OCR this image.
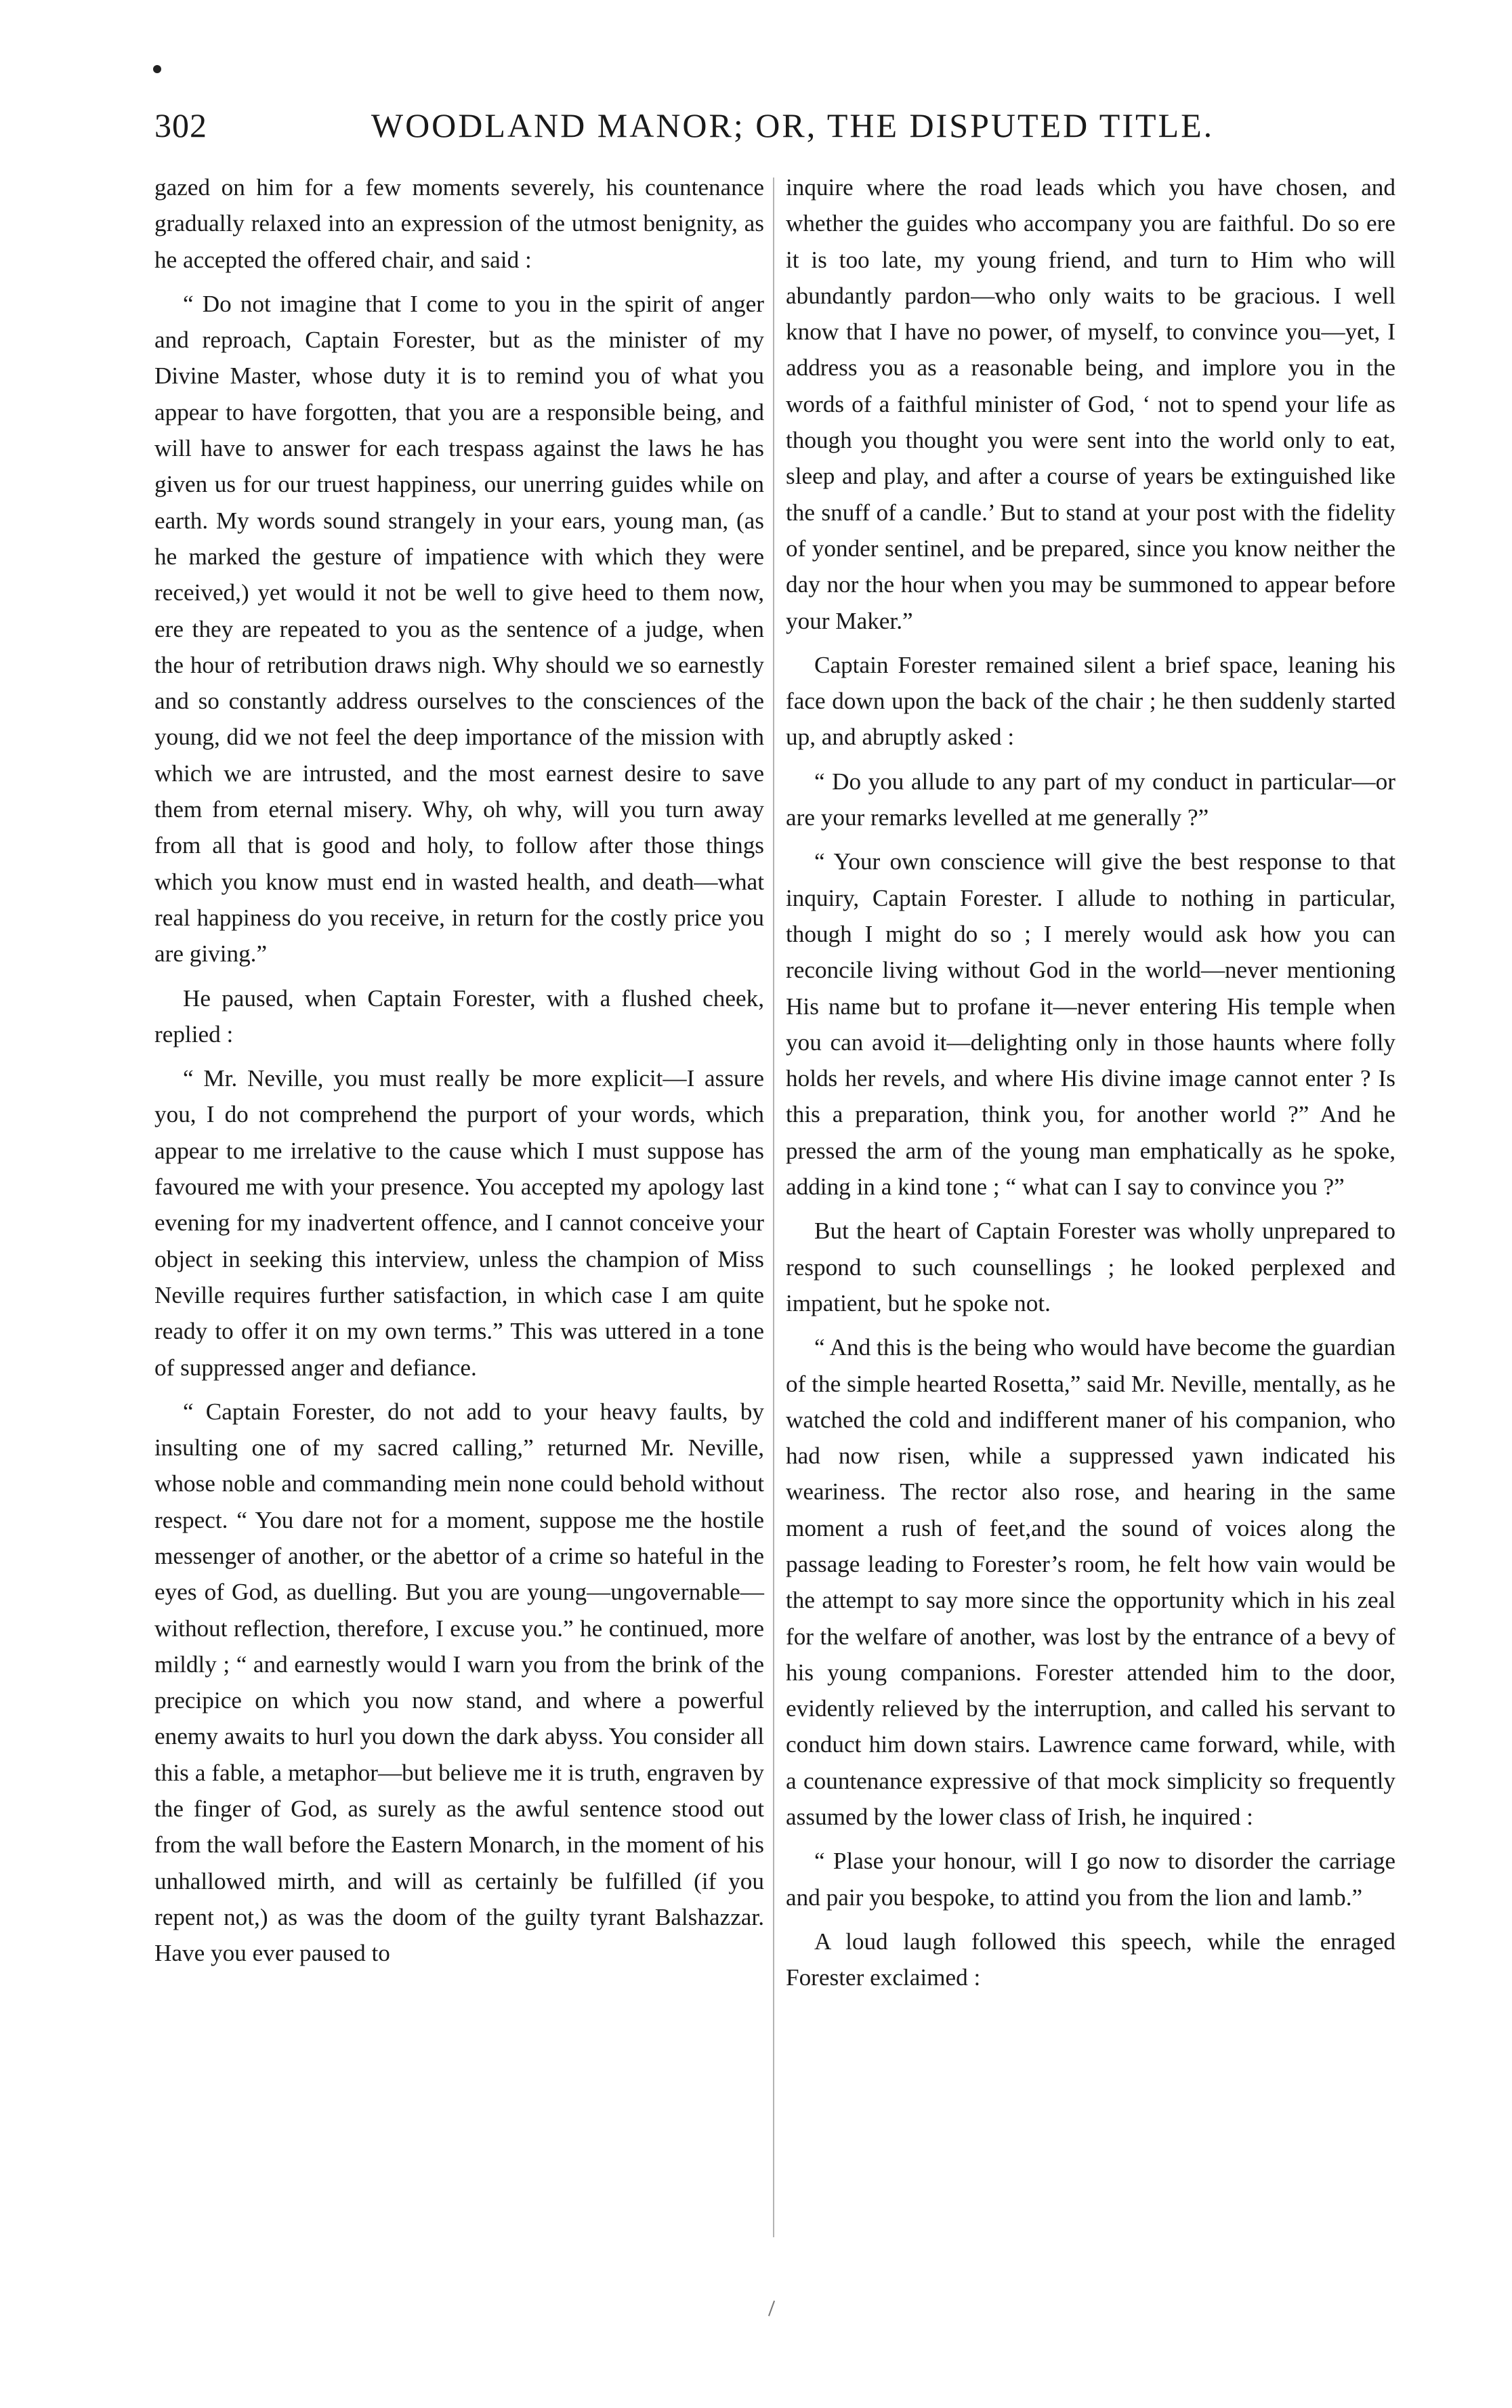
302	WOODLAND MANOR; OR, THE DISPUTED TITLE.

gazed on him for a few moments severely, his countenance gradually relaxed into an expression of the utmost benignity, as he accepted the offered chair, and said :

“ Do not imagine that I come to you in the spirit of anger and reproach, Captain Forester, but as the minister of my Divine Master, whose duty it is to remind you of what you appear to have forgotten, that you are a responsible being, and will have to answer for each trespass against the laws he has given us for our truest happiness, our unerring guides while on earth. My words sound strangely in your ears, young man, (as he marked the gesture of impatience with which they were received,) yet would it not be well to give heed to them now, ere they are repeated to you as the sentence of a judge, when the hour of retribution draws nigh. Why should we so earnestly and so constantly address ourselves to the consciences of the young, did we not feel the deep importance of the mission with which we are intrusted, and the most earnest desire to save them from eternal misery. Why, oh why, will you turn away from all that is good and holy, to follow after those things which you know must end in wasted health, and death—what real happiness do you receive, in return for the costly price you are giving.”

He paused, when Captain Forester, with a flushed cheek, replied :

“ Mr. Neville, you must really be more explicit—I assure you, I do not comprehend the purport of your words, which appear to me irrelative to the cause which I must suppose has favoured me with your presence. You accepted my apology last evening for my inadvertent offence, and I cannot conceive your object in seeking this interview, unless the champion of Miss Neville requires further satisfaction, in which case I am quite ready to offer it on my own terms.” This was uttered in a tone of suppressed anger and defiance.

“ Captain Forester, do not add to your heavy faults, by insulting one of my sacred calling,” returned Mr. Neville, whose noble and commanding mein none could behold without respect. “ You dare not for a moment, suppose me the hostile messenger of another, or the abettor of a crime so hateful in the eyes of God, as duelling. But you are young—ungovernable—without reflection, therefore, I excuse you.” he continued, more mildly ; “ and earnestly would I warn you from the brink of the precipice on which you now stand, and where a powerful enemy awaits to hurl you down the dark abyss. You consider all this a fable, a metaphor—but believe me it is truth, engraven by the finger of God, as surely as the awful sentence stood out from the wall before the Eastern Monarch, in the moment of his unhallowed mirth, and will as certainly be fulfilled (if you repent not,) as was the doom of the guilty tyrant Balshazzar. Have you ever paused to

inquire where the road leads which you have chosen, and whether the guides who accompany you are faithful. Do so ere it is too late, my young friend, and turn to Him who will abundantly pardon—who only waits to be gracious. I well know that I have no power, of myself, to convince you—yet, I address you as a reasonable being, and implore you in the words of a faithful minister of God, ‘ not to spend your life as though you thought you were sent into the world only to eat, sleep and play, and after a course of years be extinguished like the snuff of a candle.’ But to stand at your post with the fidelity of yonder sentinel, and be prepared, since you know neither the day nor the hour when you may be summoned to appear before your Maker.”

Captain Forester remained silent a brief space, leaning his face down upon the back of the chair ; he then suddenly started up, and abruptly asked :

“ Do you allude to any part of my conduct in particular—or are your remarks levelled at me generally ?”

“ Your own conscience will give the best response to that inquiry, Captain Forester. I allude to nothing in particular, though I might do so ; I merely would ask how you can reconcile living without God in the world—never mentioning His name but to profane it—never entering His temple when you can avoid it—delighting only in those haunts where folly holds her revels, and where His divine image cannot enter ? Is this a preparation, think you, for another world ?” And he pressed the arm of the young man emphatically as he spoke, adding in a kind tone ; “ what can I say to convince you ?”

But the heart of Captain Forester was wholly unprepared to respond to such counsellings ; he looked perplexed and impatient, but he spoke not.

“ And this is the being who would have become the guardian of the simple hearted Rosetta,” said Mr. Neville, mentally, as he watched the cold and indifferent maner of his companion, who had now risen, while a suppressed yawn indicated his weariness. The rector also rose, and hearing in the same moment a rush of feet,and the sound of voices along the passage leading to Forester’s room, he felt how vain would be the attempt to say more since the opportunity which in his zeal for the welfare of another, was lost by the entrance of a bevy of his young companions. Forester attended him to the door, evidently relieved by the interruption, and called his servant to conduct him down stairs. Lawrence came forward, while, with a countenance expressive of that mock simplicity so frequently assumed by the lower class of Irish, he inquired :

“ Plase your honour, will I go now to disorder the carriage and pair you bespoke, to attind you from the lion and lamb.”

A loud laugh followed this speech, while the enraged Forester exclaimed :
